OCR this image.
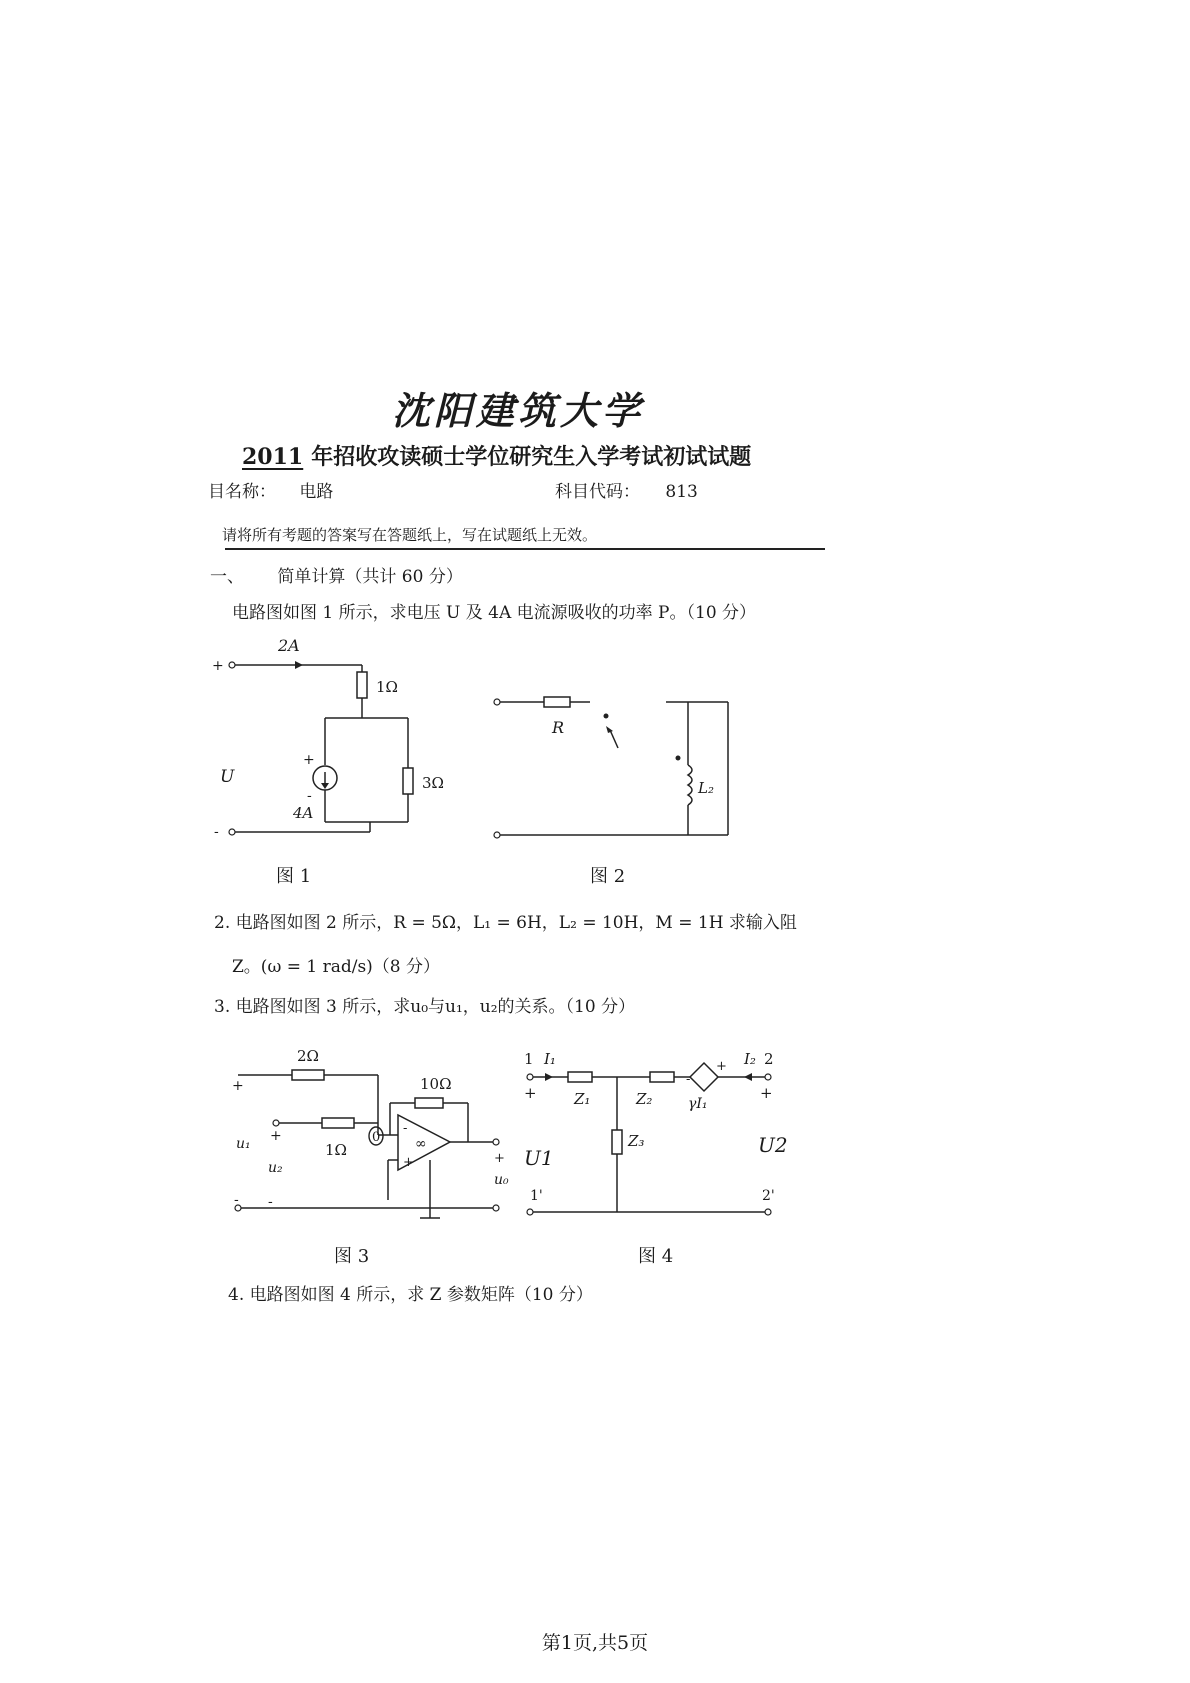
沈阳建筑大学
2011 年招收攻读硕士学位研究生入学考试初试试题
目名称： 电路	科目代码： 813
请将所有考题的答案写在答题纸上，写在试题纸上无效。
一、 简单计算（共计 60 分）
电路图如图 1 所示，求电压 U 及 4A 电流源吸收的功率 P。（10 分）
2A
1Ω
3Ω
4A
U
+
-
+
-
图 1
R
L₂
图 2
2. 电路图如图 2 所示，R = 5Ω，L₁ = 6H，L₂ = 10H，M = 1H 求输入阻
Z。(ω = 1 rad/s)（8 分）
3. 电路图如图 3 所示，求u₀与u₁，u₂的关系。（10 分）
0
2Ω
10Ω
1Ω	∞
-
+
+
+
u₁
u₂
-
-
+
u₀
图 3
1 I₁	I₂ 2
Z₁	Z₂
Z₃
γI₁
-
+
+	+
U1
U2
1'	2'
图 4
4. 电路图如图 4 所示，求 Z 参数矩阵（10 分）
第1页,共5页
